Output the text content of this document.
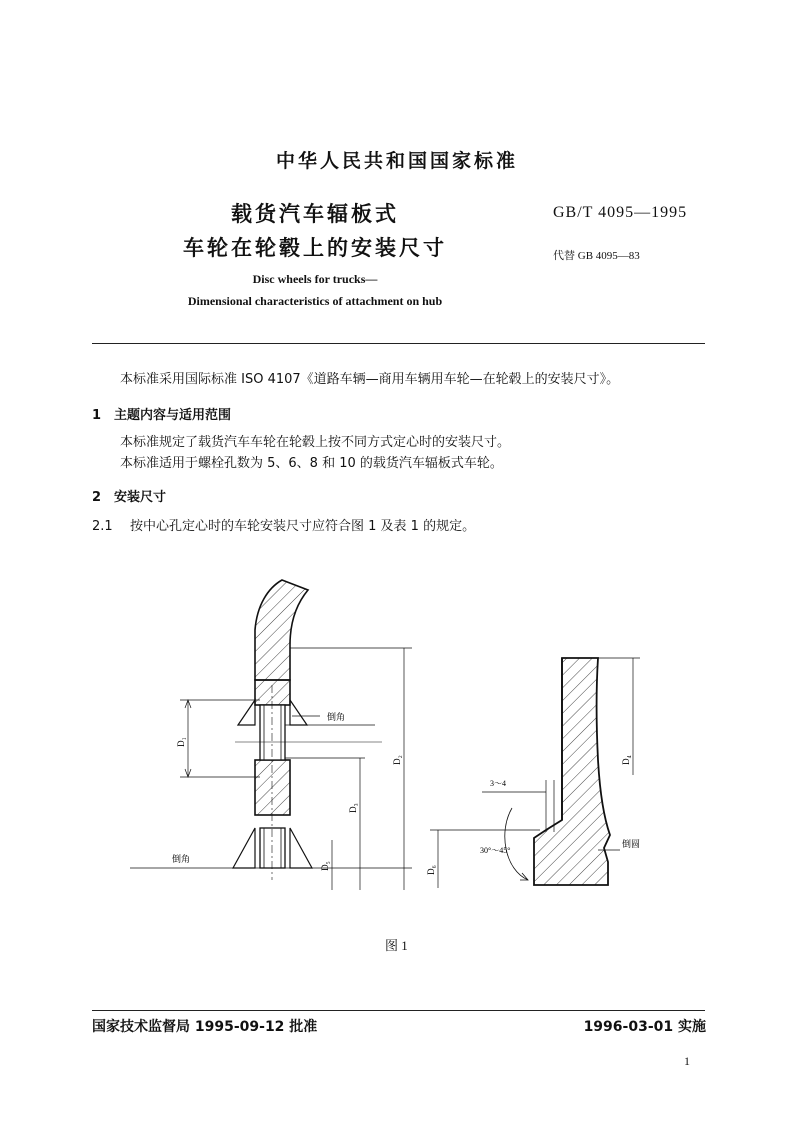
中华人民共和国国家标准
载货汽车辐板式
车轮在轮毂上的安装尺寸
GB/T 4095—1995
代替 GB 4095—83
Disc wheels for trucks—
Dimensional characteristics of attachment on hub
本标准采用国际标准 ISO 4107《道路车辆—商用车辆用车轮—在轮毂上的安装尺寸》。
1 主题内容与适用范围
本标准规定了载货汽车车轮在轮毂上按不同方式定心时的安装尺寸。
本标准适用于螺栓孔数为 5、6、8 和 10 的载货汽车辐板式车轮。
2 安装尺寸
2.1 按中心孔定心时的车轮安装尺寸应符合图 1 及表 1 的规定。
D₁
D₂
D₃
D₅
倒角
倒角
D₄
D₆
3～4
30°～45°
倒圆
图 1
国家技术监督局 1995-09-12 批准	1996-03-01 实施
1
